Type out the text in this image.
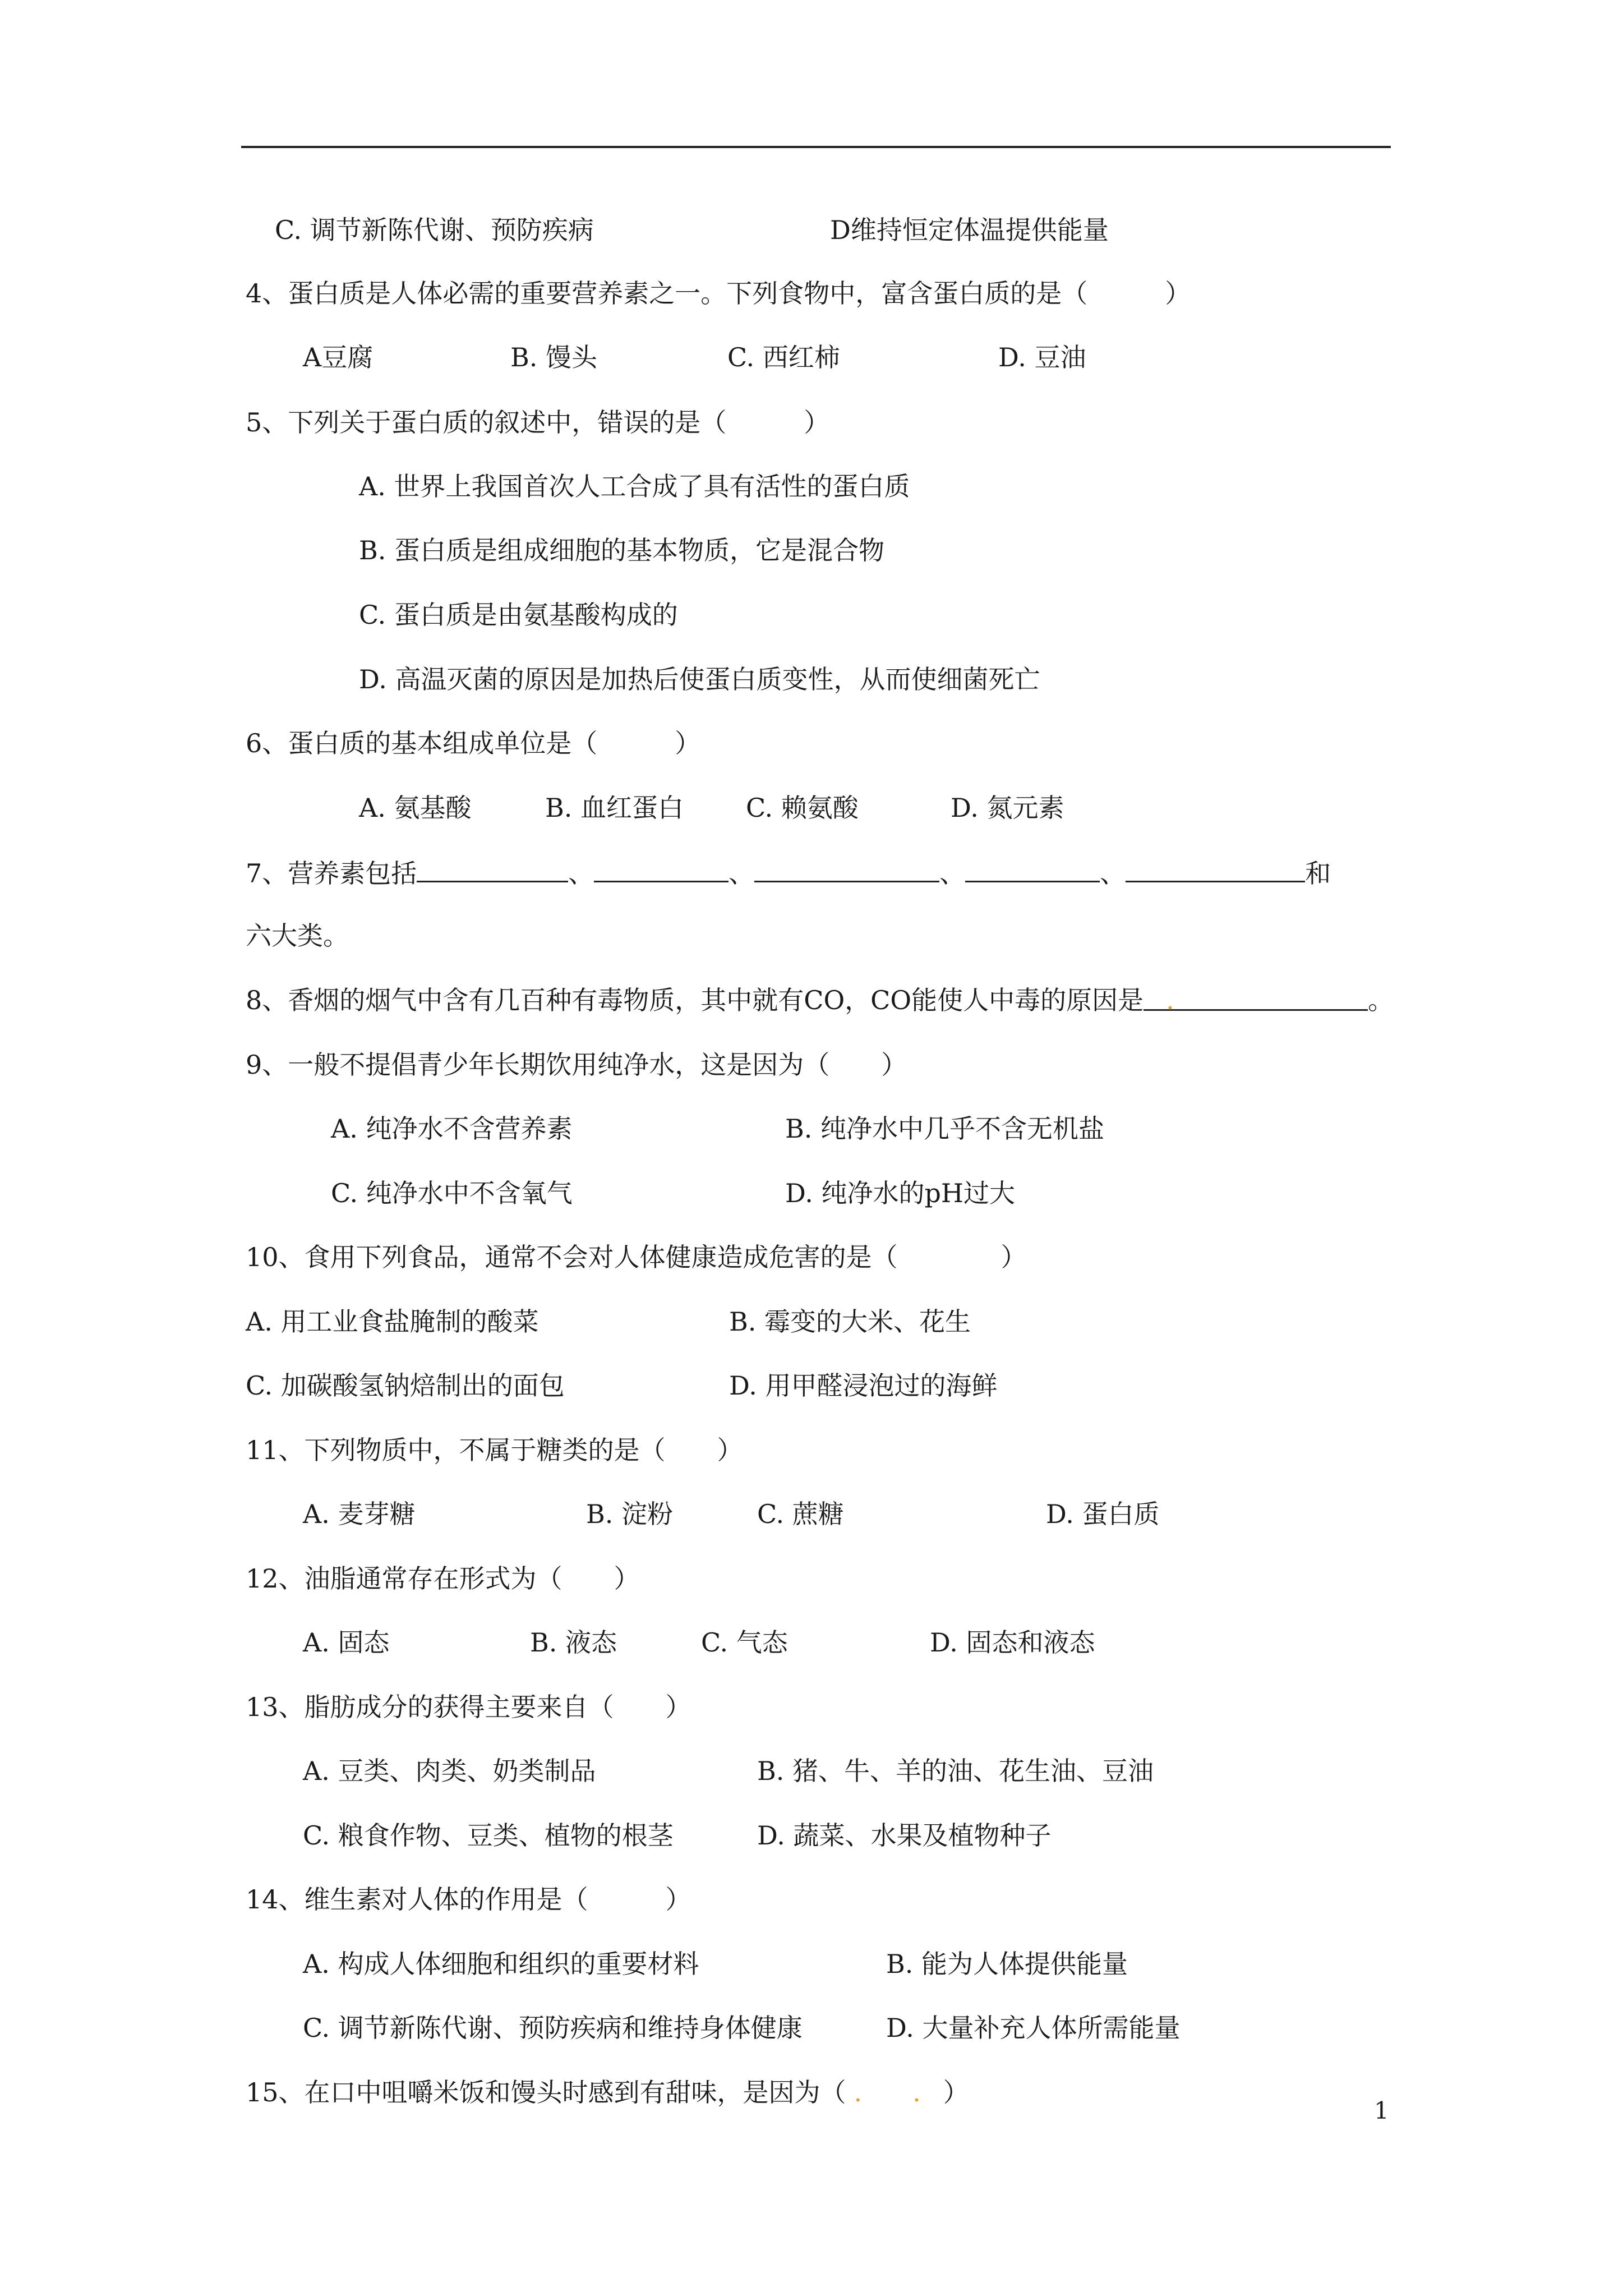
C. 调节新陈代谢、预防疾病	D维持恒定体温提供能量

4、蛋白质是人体必需的重要营养素之一。下列食物中，富含蛋白质的是（　　　）

A豆腐	B. 馒头	C. 西红柿	D. 豆油

5、下列关于蛋白质的叙述中，错误的是（　　　）

A. 世界上我国首次人工合成了具有活性的蛋白质

B. 蛋白质是组成细胞的基本物质，它是混合物

C. 蛋白质是由氨基酸构成的

D. 高温灭菌的原因是加热后使蛋白质变性，从而使细菌死亡

6、蛋白质的基本组成单位是（　　　）

A. 氨基酸	B. 血红蛋白 C. 赖氨酸	D. 氮元素

7、营养素包括	、	、	、	、	和

六大类。

8、香烟的烟气中含有几百种有毒物质，其中就有CO，CO能使人中毒的原因是 .	。

9、一般不提倡青少年长期饮用纯净水，这是因为（　　）

A. 纯净水不含营养素	B. 纯净水中几乎不含无机盐

C. 纯净水中不含氧气	D. 纯净水的pH过大

10、食用下列食品，通常不会对人体健康造成危害的是（　　　　）

A. 用工业食盐腌制的酸菜	B. 霉变的大米、花生

C. 加碳酸氢钠焙制出的面包	D. 用甲醛浸泡过的海鲜

11、下列物质中，不属于糖类的是（　　）

A. 麦芽糖	B. 淀粉	C. 蔗糖	D. 蛋白质

12、油脂通常存在形式为（　　）

A. 固态	B. 液态	C. 气态	D. 固态和液态

13、脂肪成分的获得主要来自（　　）

A. 豆类、肉类、奶类制品	B. 猪、牛、羊的油、花生油、豆油

C. 粮食作物、豆类、植物的根茎	D. 蔬菜、水果及植物种子

14、维生素对人体的作用是（　　　）

A. 构成人体细胞和组织的重要材料	B. 能为人体提供能量

C. 调节新陈代谢、预防疾病和维持身体健康	D. 大量补充人体所需能量

15、在口中咀嚼米饭和馒头时感到有甜味，是因为（ . . ）

1
